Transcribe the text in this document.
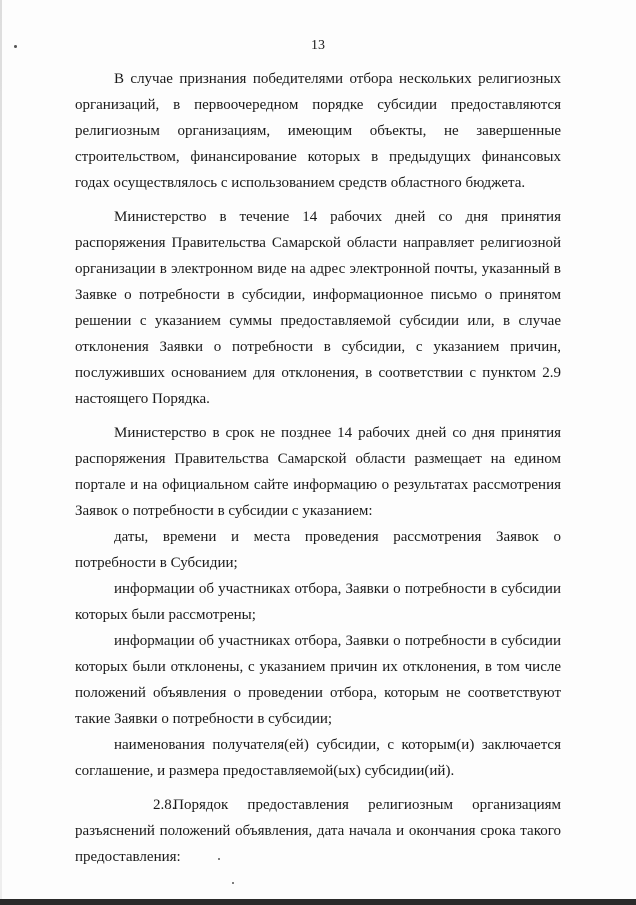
13

В случае признания победителями отбора нескольких религиозных организаций, в первоочередном порядке субсидии предоставляются религиозным организациям, имеющим объекты, не завершенные строительством, финансирование которых в предыдущих финансовых годах осуществлялось с использованием средств областного бюджета.

Министерство в течение 14 рабочих дней со дня принятия распоряжения Правительства Самарской области направляет религиозной организации в электронном виде на адрес электронной почты, указанный в Заявке о потребности в субсидии, информационное письмо о принятом решении с указанием суммы предоставляемой субсидии или, в случае отклонения Заявки о потребности в субсидии, с указанием причин, послуживших основанием для отклонения, в соответствии с пунктом 2.9 настоящего Порядка.

Министерство в срок не позднее 14 рабочих дней со дня принятия распоряжения Правительства Самарской области размещает на едином портале и на официальном сайте информацию о результатах рассмотрения Заявок о потребности в субсидии с указанием:

даты, времени и места проведения рассмотрения Заявок о потребности в Субсидии;

информации об участниках отбора, Заявки о потребности в субсидии которых были рассмотрены;

информации об участниках отбора, Заявки о потребности в субсидии которых были отклонены, с указанием причин их отклонения, в том числе положений объявления о проведении отбора, которым не соответствуют такие Заявки о потребности в субсидии;

наименования получателя(ей) субсидии, с которым(и) заключается соглашение, и размера предоставляемой(ых) субсидии(ий).

2.8. Порядок предоставления религиозным организациям разъяснений положений объявления, дата начала и окончания срока такого предоставления:
